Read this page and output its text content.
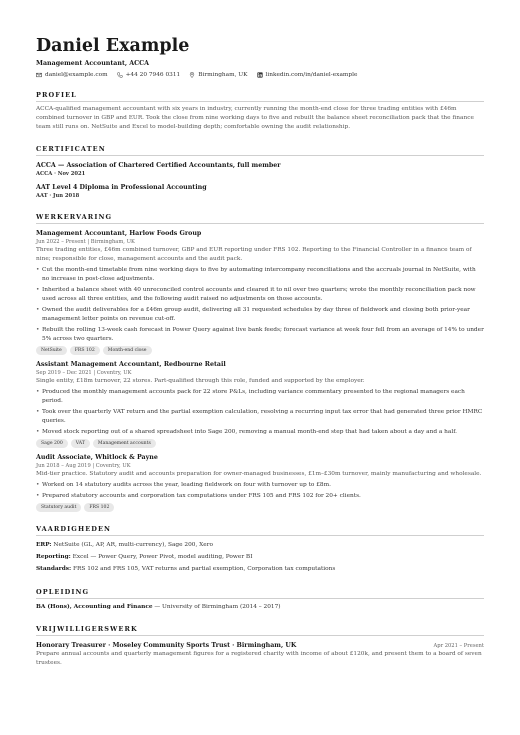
Daniel Example
Management Accountant, ACCA
daniel@example.com	+44 20 7946 0311	Birmingham, UK	linkedin.com/in/daniel-example
PROFIEL
ACCA-qualified management accountant with six years in industry, currently running the month-end close for three trading entities with £46m combined turnover in GBP and EUR. Took the close from nine working days to five and rebuilt the balance sheet reconciliation pack that the finance team still runs on. NetSuite and Excel to model-building depth; comfortable owning the audit relationship.
CERTIFICATEN
ACCA — Association of Chartered Certified Accountants, full member
ACCA · Nov 2021
AAT Level 4 Diploma in Professional Accounting
AAT · Jun 2018
WERKERVARING
Management Accountant, Harlow Foods Group
Jun 2022 – Present | Birmingham, UK
Three trading entities, £46m combined turnover, GBP and EUR reporting under FRS 102. Reporting to the Financial Controller in a finance team of nine; responsible for close, management accounts and the audit pack.
• Cut the month-end timetable from nine working days to five by automating intercompany reconciliations and the accruals journal in NetSuite, with no increase in post-close adjustments.
• Inherited a balance sheet with 40 unreconciled control accounts and cleared it to nil over two quarters; wrote the monthly reconciliation pack now used across all three entities, and the following audit raised no adjustments on those accounts.
• Owned the audit deliverables for a £46m group audit, delivering all 31 requested schedules by day three of fieldwork and closing both prior-year management letter points on revenue cut-off.
• Rebuilt the rolling 13-week cash forecast in Power Query against live bank feeds; forecast variance at week four fell from an average of 14% to under 5% across two quarters.
NetSuite	FRS 102	Month-end close
Assistant Management Accountant, Redbourne Retail
Sep 2019 – Dec 2021 | Coventry, UK
Single entity, £18m turnover, 22 stores. Part-qualified through this role, funded and supported by the employer.
• Produced the monthly management accounts pack for 22 store P&Ls, including variance commentary presented to the regional managers each period.
• Took over the quarterly VAT return and the partial exemption calculation, resolving a recurring input tax error that had generated three prior HMRC queries.
• Moved stock reporting out of a shared spreadsheet into Sage 200, removing a manual month-end step that had taken about a day and a half.
Sage 200	VAT	Management accounts
Audit Associate, Whitlock & Payne
Jun 2018 – Aug 2019 | Coventry, UK
Mid-tier practice. Statutory audit and accounts preparation for owner-managed businesses, £1m–£30m turnover, mainly manufacturing and wholesale.
• Worked on 14 statutory audits across the year, leading fieldwork on four with turnover up to £8m.
• Prepared statutory accounts and corporation tax computations under FRS 105 and FRS 102 for 20+ clients.
Statutory audit	FRS 102
VAARDIGHEDEN
ERP: NetSuite (GL, AP, AR, multi-currency), Sage 200, Xero
Reporting: Excel — Power Query, Power Pivot, model auditing, Power BI
Standards: FRS 102 and FRS 105, VAT returns and partial exemption, Corporation tax computations
OPLEIDING
BA (Hons), Accounting and Finance — University of Birmingham (2014 – 2017)
VRIJWILLIGERSWERK
Honorary Treasurer · Moseley Community Sports Trust · Birmingham, UK	Apr 2021 – Present
Prepare annual accounts and quarterly management figures for a registered charity with income of about £120k, and present them to a board of seven trustees.
